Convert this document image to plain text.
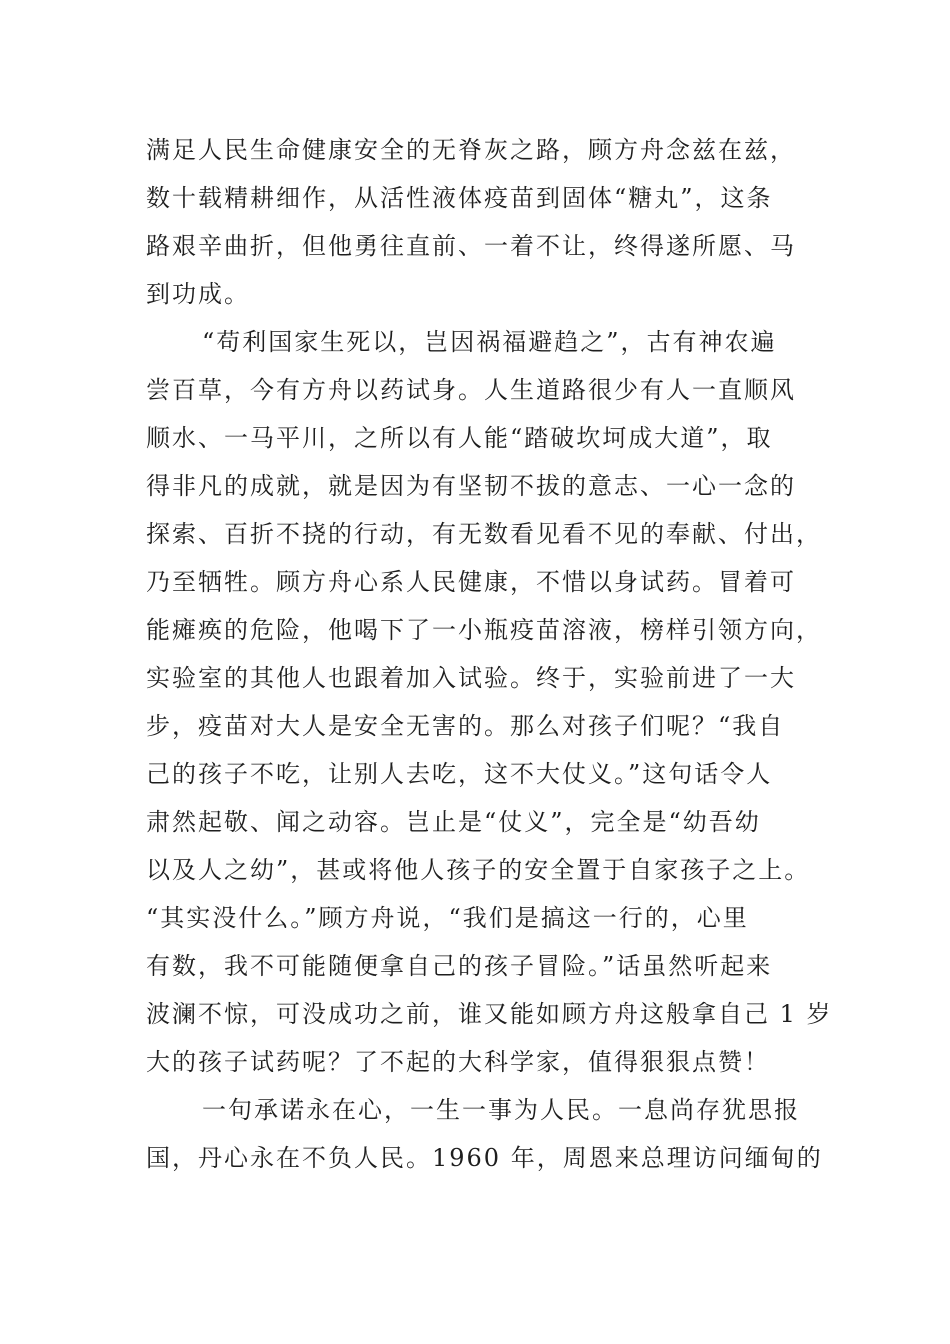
满足人民生命健康安全的无脊灰之路，顾方舟念兹在兹，
数十载精耕细作，从活性液体疫苗到固体“糖丸”，这条
路艰辛曲折，但他勇往直前、一着不让，终得遂所愿、马
到功成。
“苟利国家生死以，岂因祸福避趋之”，古有神农遍
尝百草，今有方舟以药试身。人生道路很少有人一直顺风
顺水、一马平川，之所以有人能“踏破坎坷成大道”，取
得非凡的成就，就是因为有坚韧不拔的意志、一心一念的
探索、百折不挠的行动，有无数看见看不见的奉献、付出，
乃至牺牲。顾方舟心系人民健康，不惜以身试药。冒着可
能瘫痪的危险，他喝下了一小瓶疫苗溶液，榜样引领方向，
实验室的其他人也跟着加入试验。终于，实验前进了一大
步，疫苗对大人是安全无害的。那么对孩子们呢？“我自
己的孩子不吃，让别人去吃，这不大仗义。”这句话令人
肃然起敬、闻之动容。岂止是“仗义”，完全是“幼吾幼
以及人之幼”，甚或将他人孩子的安全置于自家孩子之上。
“其实没什么。”顾方舟说，“我们是搞这一行的，心里
有数，我不可能随便拿自己的孩子冒险。”话虽然听起来
波澜不惊，可没成功之前，谁又能如顾方舟这般拿自己 1 岁
大的孩子试药呢？了不起的大科学家，值得狠狠点赞！
一句承诺永在心，一生一事为人民。一息尚存犹思报
国，丹心永在不负人民。1960 年，周恩来总理访问缅甸的
